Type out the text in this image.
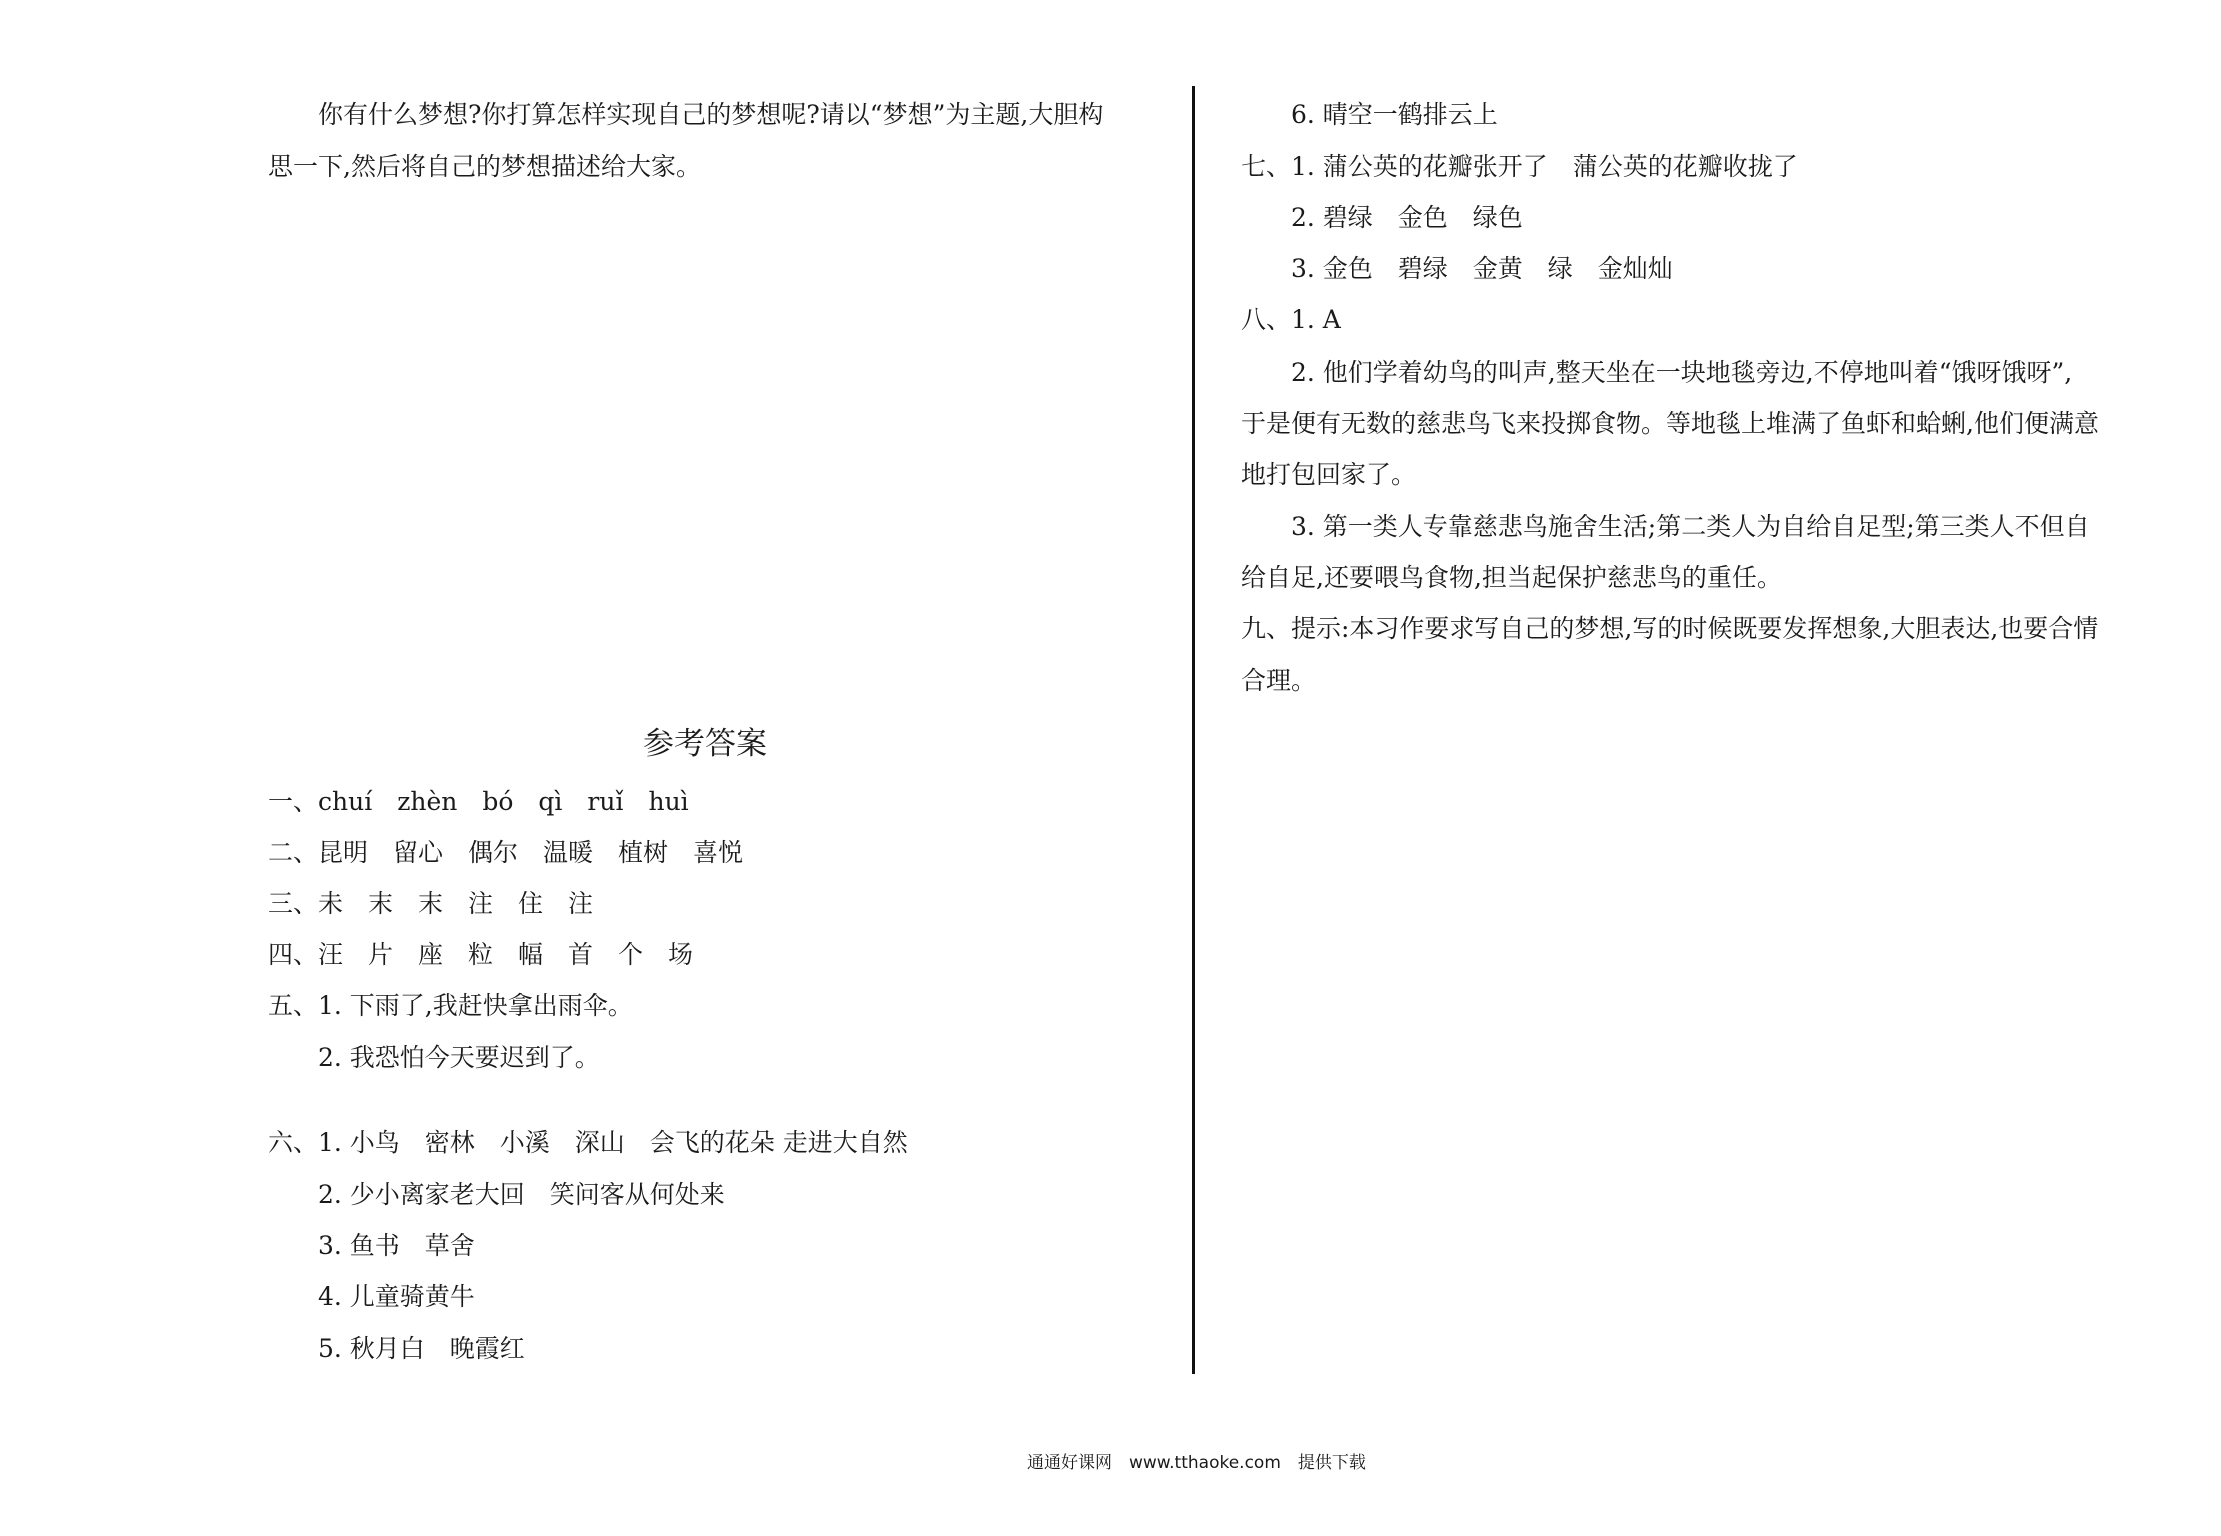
你有什么梦想?你打算怎样实现自己的梦想呢?请以“梦想”为主题,大胆构
思一下,然后将自己的梦想描述给大家。
参考答案
一、chuí　zhèn　bó　qì　ruǐ　huì
二、昆明　留心　偶尔　温暖　植树　喜悦
三、未　末　末　注　住　注
四、汪　片　座　粒　幅　首　个　场
五、1. 下雨了,我赶快拿出雨伞。
2. 我恐怕今天要迟到了。
六、1. 小鸟　密林　小溪　深山　会飞的花朵 走进大自然
2. 少小离家老大回　笑问客从何处来
3. 鱼书　草舍
4. 儿童骑黄牛
5. 秋月白　晚霞红
6. 晴空一鹤排云上
七、1. 蒲公英的花瓣张开了　蒲公英的花瓣收拢了
2. 碧绿　金色　绿色
3. 金色　碧绿　金黄　绿　金灿灿
八、1. A
2. 他们学着幼鸟的叫声,整天坐在一块地毯旁边,不停地叫着“饿呀饿呀”,
于是便有无数的慈悲鸟飞来投掷食物。等地毯上堆满了鱼虾和蛤蜊,他们便满意
地打包回家了。
3. 第一类人专靠慈悲鸟施舍生活;第二类人为自给自足型;第三类人不但自
给自足,还要喂鸟食物,担当起保护慈悲鸟的重任。
九、提示:本习作要求写自己的梦想,写的时候既要发挥想象,大胆表达,也要合情
合理。
通通好课网　www.tthaoke.com　提供下载
